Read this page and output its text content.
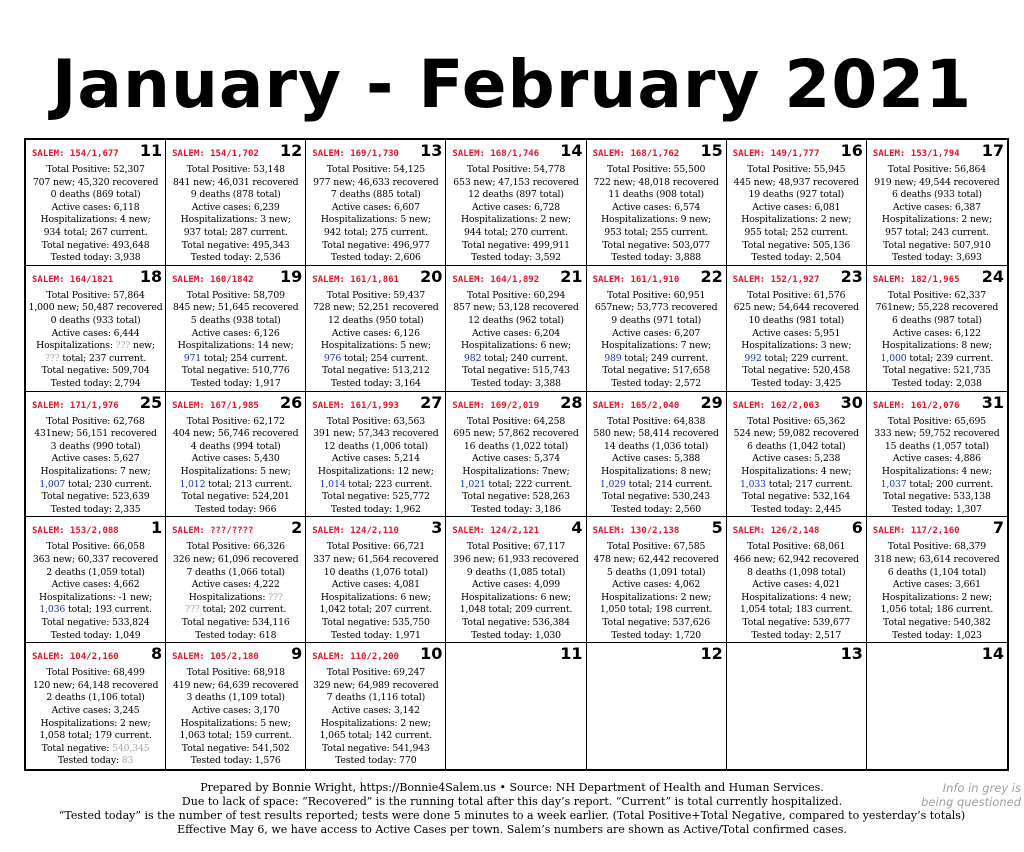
January - February 2021
SALEM: 154/1,677 11
Total Positive: 52,307
707 new; 45,320 recovered
0 deaths (869 total)
Active cases: 6,118
Hospitalizations: 4 new;
934 total; 267 current.
Total negative: 493,648
Tested today: 3,938
SALEM: 154/1,702 12
Total Positive: 53,148
841 new; 46,031 recovered
9 deaths (878 total)
Active cases: 6,239
Hospitalizations: 3 new;
937 total; 287 current.
Total negative: 495,343
Tested today: 2,536
SALEM: 169/1,730 13
Total Positive: 54,125
977 new; 46,633 recovered
7 deaths (885 total)
Active cases: 6,607
Hospitalizations: 5 new;
942 total; 275 current.
Total negative: 496,977
Tested today: 2,606
SALEM: 168/1,746 14
Total Positive: 54,778
653 new; 47,153 recovered
12 deaths (897 total)
Active cases: 6,728
Hospitalizations: 2 new;
944 total; 270 current.
Total negative: 499,911
Tested today: 3,592
SALEM: 168/1,762 15
Total Positive: 55,500
722 new; 48,018 recovered
11 deaths (908 total)
Active cases: 6,574
Hospitalizations: 9 new;
953 total; 255 current.
Total negative: 503,077
Tested today: 3,888
SALEM: 149/1,777 16
Total Positive: 55,945
445 new; 48,937 recovered
19 deaths (927 total)
Active cases: 6,081
Hospitalizations: 2 new;
955 total; 252 current.
Total negative: 505,136
Tested today: 2,504
SALEM: 153/1,794 17
Total Positive: 56,864
919 new; 49,544 recovered
6 deaths (933 total)
Active cases: 6,387
Hospitalizations: 2 new;
957 total; 243 current.
Total negative: 507,910
Tested today: 3,693
SALEM: 164/1821 18
Total Positive: 57,864
1,000 new; 50,487 recovered
0 deaths (933 total)
Active cases: 6,444
Hospitalizations: ??? new;
??? total; 237 current.
Total negative: 509,704
Tested today: 2,794
SALEM: 160/1842 19
Total Positive: 58,709
845 new; 51,645 recovered
5 deaths (938 total)
Active cases: 6,126
Hospitalizations: 14 new;
971 total; 254 current.
Total negative: 510,776
Tested today: 1,917
SALEM: 161/1,861 20
Total Positive: 59,437
728 new; 52,251 recovered
12 deaths (950 total)
Active cases: 6,126
Hospitalizations: 5 new;
976 total; 254 current.
Total negative: 513,212
Tested today: 3,164
SALEM: 164/1,892 21
Total Positive: 60,294
857 new; 53,128 recovered
12 deaths (962 total)
Active cases: 6,204
Hospitalizations: 6 new;
982 total; 240 current.
Total negative: 515,743
Tested today: 3,388
SALEM: 161/1,910 22
Total Positive: 60,951
657new; 53,773 recovered
9 deaths (971 total)
Active cases: 6,207
Hospitalizations: 7 new;
989 total; 249 current.
Total negative: 517,658
Tested today: 2,572
SALEM: 152/1,927 23
Total Positive: 61,576
625 new; 54,644 recovered
10 deaths (981 total)
Active cases: 5,951
Hospitalizations: 3 new;
992 total; 229 current.
Total negative: 520,458
Tested today: 3,425
SALEM: 182/1,965 24
Total Positive: 62,337
761new; 55,228 recovered
6 deaths (987 total)
Active cases: 6,122
Hospitalizations: 8 new;
1,000 total; 239 current.
Total negative: 521,735
Tested today: 2,038
SALEM: 171/1,976 25
Total Positive: 62,768
431new; 56,151 recovered
3 deaths (990 total)
Active cases: 5,627
Hospitalizations: 7 new;
1,007 total; 230 current.
Total negative: 523,639
Tested today: 2,335
SALEM: 167/1,985 26
Total Positive: 62,172
404 new; 56,746 recovered
4 deaths (994 total)
Active cases: 5,430
Hospitalizations: 5 new;
1,012 total; 213 current.
Total negative: 524,201
Tested today: 966
SALEM: 161/1,993 27
Total Positive: 63,563
391 new; 57,343 recovered
12 deaths (1,006 total)
Active cases: 5,214
Hospitalizations: 12 new;
1,014 total; 223 current.
Total negative: 525,772
Tested today: 1,962
SALEM: 169/2,019 28
Total Positive: 64,258
695 new; 57,862 recovered
16 deaths (1,022 total)
Active cases: 5,374
Hospitalizations: 7new;
1,021 total; 222 current.
Total negative: 528,263
Tested today: 3,186
SALEM: 165/2,040 29
Total Positive: 64,838
580 new; 58,414 recovered
14 deaths (1,036 total)
Active cases: 5,388
Hospitalizations: 8 new;
1,029 total; 214 current.
Total negative: 530,243
Tested today: 2,560
SALEM: 162/2,063 30
Total Positive: 65,362
524 new; 59,082 recovered
6 deaths (1,042 total)
Active cases: 5,238
Hospitalizations: 4 new;
1,033 total; 217 current.
Total negative: 532,164
Tested today: 2,445
SALEM: 161/2,076 31
Total Positive: 65,695
333 new; 59,752 recovered
15 deaths (1,057 total)
Active cases: 4,886
Hospitalizations: 4 new;
1,037 total; 200 current.
Total negative: 533,138
Tested today: 1,307
SALEM: 153/2,088 1
Total Positive: 66,058
363 new; 60,337 recovered
2 deaths (1,059 total)
Active cases: 4,662
Hospitalizations: -1 new;
1,036 total; 193 current.
Total negative: 533,824
Tested today: 1,049
SALEM: ???/???? 2
Total Positive: 66,326
326 new; 61,096 recovered
7 deaths (1,066 total)
Active cases: 4,222
Hospitalizations: ???
??? total; 202 current.
Total negative: 534,116
Tested today: 618
SALEM: 124/2,110 3
Total Positive: 66,721
337 new; 61,564 recovered
10 deaths (1,076 total)
Active cases: 4,081
Hospitalizations: 6 new;
1,042 total; 207 current.
Total negative: 535,750
Tested today: 1,971
SALEM: 124/2,121 4
Total Positive: 67,117
396 new; 61,933 recovered
9 deaths (1,085 total)
Active cases: 4,099
Hospitalizations: 6 new;
1,048 total; 209 current.
Total negative: 536,384
Tested today: 1,030
SALEM: 130/2,138 5
Total Positive: 67,585
478 new; 62,442 recovered
5 deaths (1,091 total)
Active cases: 4,062
Hospitalizations: 2 new;
1,050 total; 198 current.
Total negative: 537,626
Tested today: 1,720
SALEM: 126/2,148 6
Total Positive: 68,061
466 new; 62,942 recovered
8 deaths (1,098 total)
Active cases: 4,021
Hospitalizations: 4 new;
1,054 total; 183 current.
Total negative: 539,677
Tested today: 2,517
SALEM: 117/2,160 7
Total Positive: 68,379
318 new; 63,614 recovered
6 deaths (1,104 total)
Active cases: 3,661
Hospitalizations: 2 new;
1,056 total; 186 current.
Total negative: 540,382
Tested today: 1,023
SALEM: 104/2,160 8
Total Positive: 68,499
120 new; 64,148 recovered
2 deaths (1,106 total)
Active cases: 3,245
Hospitalizations: 2 new;
1,058 total; 179 current.
Total negative: 540,345
Tested today: 83
SALEM: 105/2,180 9
Total Positive: 68,918
419 new; 64,639 recovered
3 deaths (1,109 total)
Active cases: 3,170
Hospitalizations: 5 new;
1,063 total; 159 current.
Total negative: 541,502
Tested today: 1,576
SALEM: 110/2,200 10
Total Positive: 69,247
329 new; 64,989 recovered
7 deaths (1,116 total)
Active cases: 3,142
Hospitalizations: 2 new;
1,065 total; 142 current.
Total negative: 541,943
Tested today: 770
11	12	13	14
Prepared by Bonnie Wright, https://Bonnie4Salem.us • Source: NH Department of Health and Human Services.
Due to lack of space: “Recovered” is the running total after this day’s report. “Current” is total currently hospitalized.
“Tested today” is the number of test results reported; tests were done 5 minutes to a week earlier. (Total Positive+Total Negative, compared to yesterday’s totals)
Effective May 6, we have access to Active Cases per town. Salem’s numbers are shown as Active/Total confirmed cases.
Info in grey is
being questioned
